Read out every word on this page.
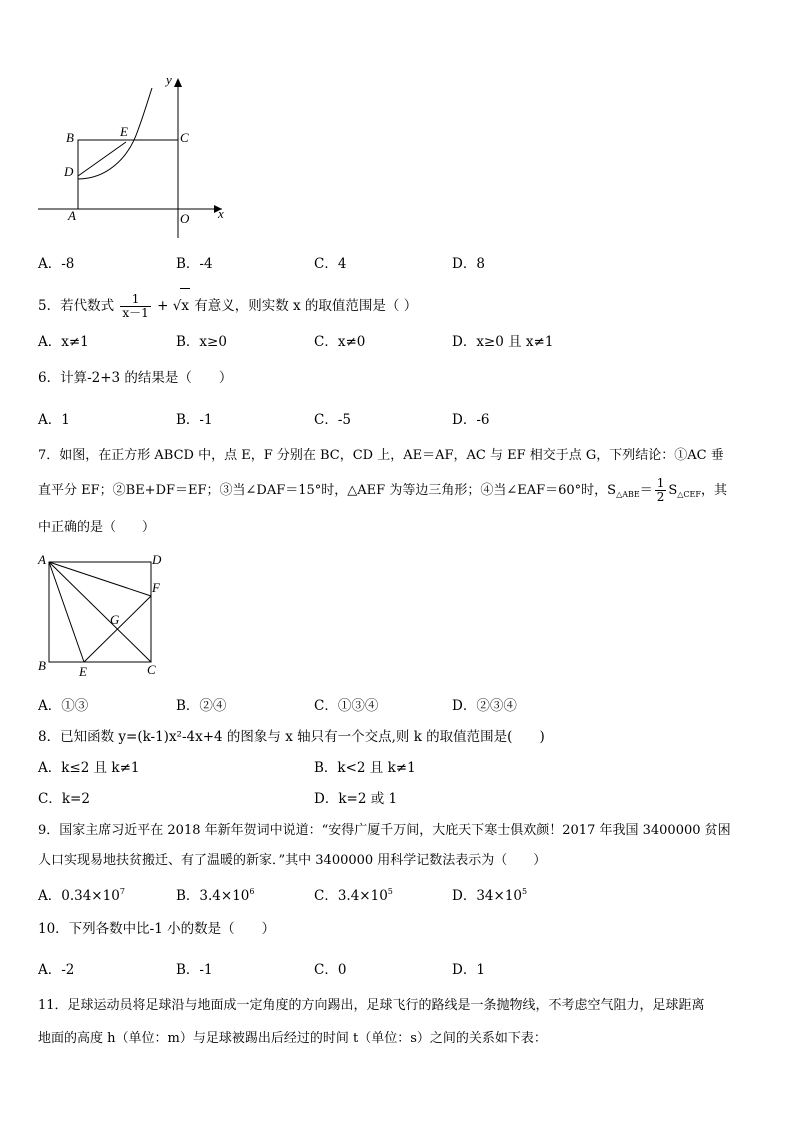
y
x
B	E	C
D
A	O
A．-8	B．-4	C．4	D．8
5．若代数式 $\frac{1}{x-1} + √x$ 有意义，则实数 x 的取值范围是（ ）
A．x≠1	B．x≥0	C．x≠0	D．x≥0 且 x≠1
6．计算-2+3 的结果是（　　）
A．1	B．-1	C．-5	D．-6
7．如图，在正方形 ABCD 中，点 E，F 分别在 BC，CD 上，AE＝AF，AC 与 EF 相交于点 G，下列结论：①AC 垂
直平分 EF；②BE+DF＝EF；③当∠DAF＝15°时，△AEF 为等边三角形；④当∠EAF＝60°时，$S_{\triangle ABE}= \frac{1}{2} S_{\triangle CEF}$，其
中正确的是（　　）
A	D
F
G
B	E	C
A．①③	B．②④	C．①③④	D．②③④
8．已知函数 y=(k-1)x²-4x+4 的图象与 x 轴只有一个交点,则 k 的取值范围是(　　)
A．k≤2 且 k≠1	B．k<2 且 k≠1
C．k=2	D．k=2 或 1
9．国家主席习近平在 2018 年新年贺词中说道：“安得广厦千万间，大庇天下寒士俱欢颜！2017 年我国 3400000 贫困
人口实现易地扶贫搬迁、有了温暖的新家．”其中 3400000 用科学记数法表示为（　　）
A．$0.34\times 10^7$	B．$3.4\times 10^6$	C．$3.4\times 10^5$	D．$34\times 10^5$
10．下列各数中比-1 小的数是（　　）
A．-2	B．-1	C．0	D．1
11．足球运动员将足球沿与地面成一定角度的方向踢出，足球飞行的路线是一条抛物线，不考虑空气阻力，足球距离
地面的高度 h（单位：m）与足球被踢出后经过的时间 t（单位：s）之间的关系如下表：
